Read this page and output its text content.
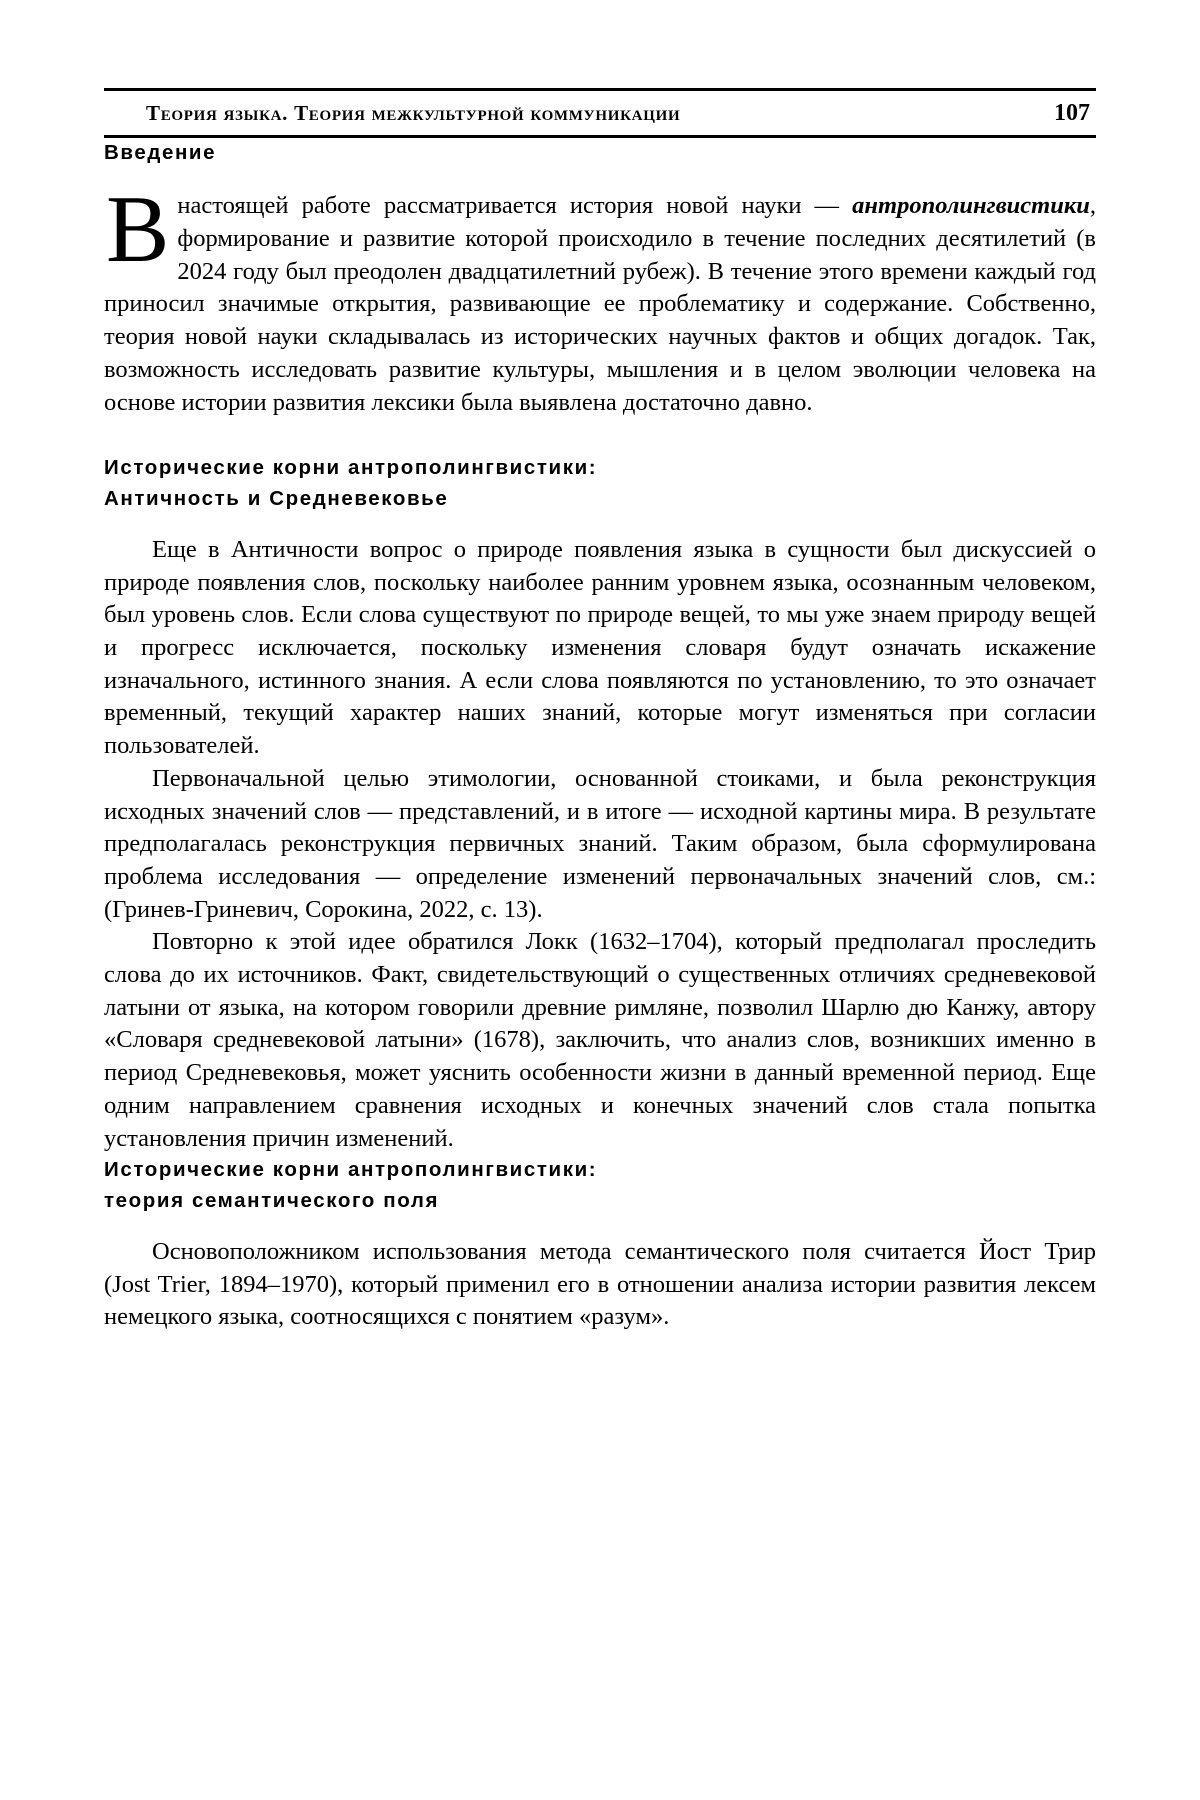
Теория языка. Теория межкультурной коммуникации	107
Введение

В настоящей работе рассматривается история новой науки — антрополингвистики, формирование и развитие которой происходило в течение последних десятилетий (в 2024 году был преодолен двадцатилетний рубеж). В течение этого времени каждый год приносил значимые открытия, развивающие ее проблематику и содержание. Собственно, теория новой науки складывалась из исторических научных фактов и общих догадок. Так, возможность исследовать развитие культуры, мышления и в целом эволюции человека на основе истории развития лексики была выявлена достаточно давно.

Исторические корни антрополингвистики:
Античность и Средневековье

Еще в Античности вопрос о природе появления языка в сущности был дискуссией о природе появления слов, поскольку наиболее ранним уровнем языка, осознанным человеком, был уровень слов. Если слова существуют по природе вещей, то мы уже знаем природу вещей и прогресс исключается, поскольку изменения словаря будут означать искажение изначального, истинного знания. А если слова появляются по установлению, то это означает временный, текущий характер наших знаний, которые могут изменяться при согласии пользователей.

Первоначальной целью этимологии, основанной стоиками, и была реконструкция исходных значений слов — представлений, и в итоге — исходной картины мира. В результате предполагалась реконструкция первичных знаний. Таким образом, была сформулирована проблема исследования — определение изменений первоначальных значений слов, см.: (Гринев-Гриневич, Сорокина, 2022, с. 13).

Повторно к этой идее обратился Локк (1632–1704), который предполагал проследить слова до их источников. Факт, свидетельствующий о существенных отличиях средневековой латыни от языка, на котором говорили древние римляне, позволил Шарлю дю Канжу, автору «Словаря средневековой латыни» (1678), заключить, что анализ слов, возникших именно в период Средневековья, может уяснить особенности жизни в данный временной период. Еще одним направлением сравнения исходных и конечных значений слов стала попытка установления причин изменений.

Исторические корни антрополингвистики:
теория семантического поля

Основоположником использования метода семантического поля считается Йост Трир (Jost Trier, 1894–1970), который применил его в отношении анализа истории развития лексем немецкого языка, соотносящихся с понятием «разум».
